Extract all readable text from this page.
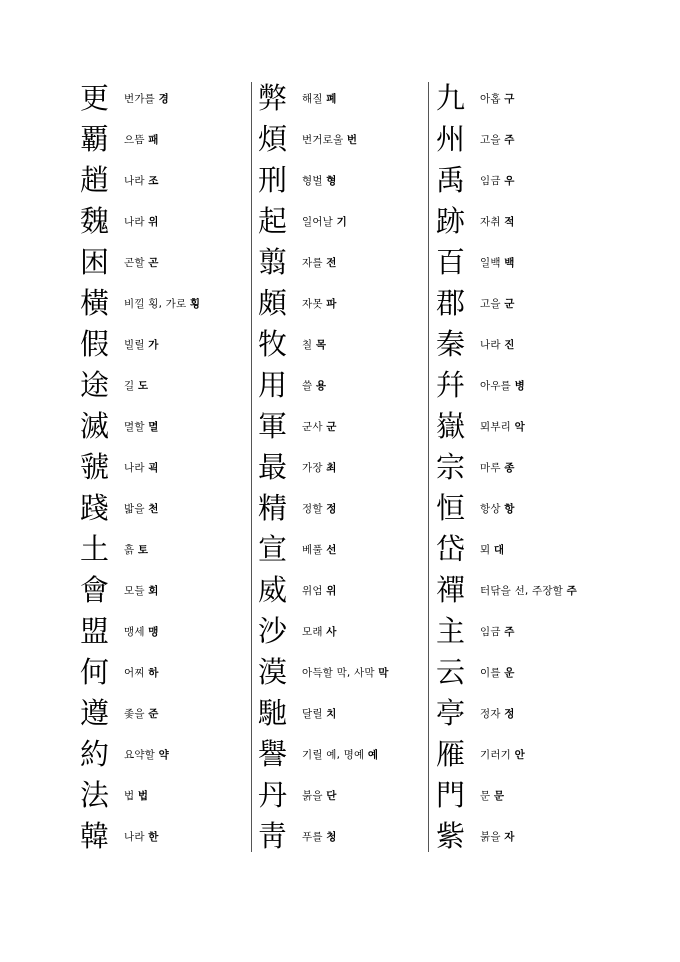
更	번가를 경
覇	으뜸 패
趙	나라 조
魏	나라 위
困	곤할 곤
橫	비낄 횡, 가로 횡
假	빌릴 가
途	길 도
滅	멸할 멸
虢	나라 괵
踐	밟을 천
土	흙 토
會	모들 회
盟	맹세 맹
何	어찌 하
遵	좇을 준
約	요약할 약
法	법 법
韓	나라 한
弊	해질 폐
煩	번거로울 번
刑	형벌 형
起	일어날 기
翦	자를 전
頗	자못 파
牧	칠 목
用	쓸 용
軍	군사 군
最	가장 최
精	정할 정
宣	베풀 선
威	위엄 위
沙	모래 사
漠	아득할 막, 사막 막
馳	달릴 치
譽	기릴 예, 명예 예
丹	붉을 단
靑	푸를 청
九	아홉 구
州	고을 주
禹	임금 우
跡	자취 적
百	일백 백
郡	고을 군
秦	나라 진
幷	아우를 병
嶽	뫼부리 악
宗	마루 종
恒	항상 항
岱	뫼 대
禪	터닦을 선, 주장할 주
主	임금 주
云	이를 운
亭	정자 정
雁	기러기 안
門	문 문
紫	붉을 자
